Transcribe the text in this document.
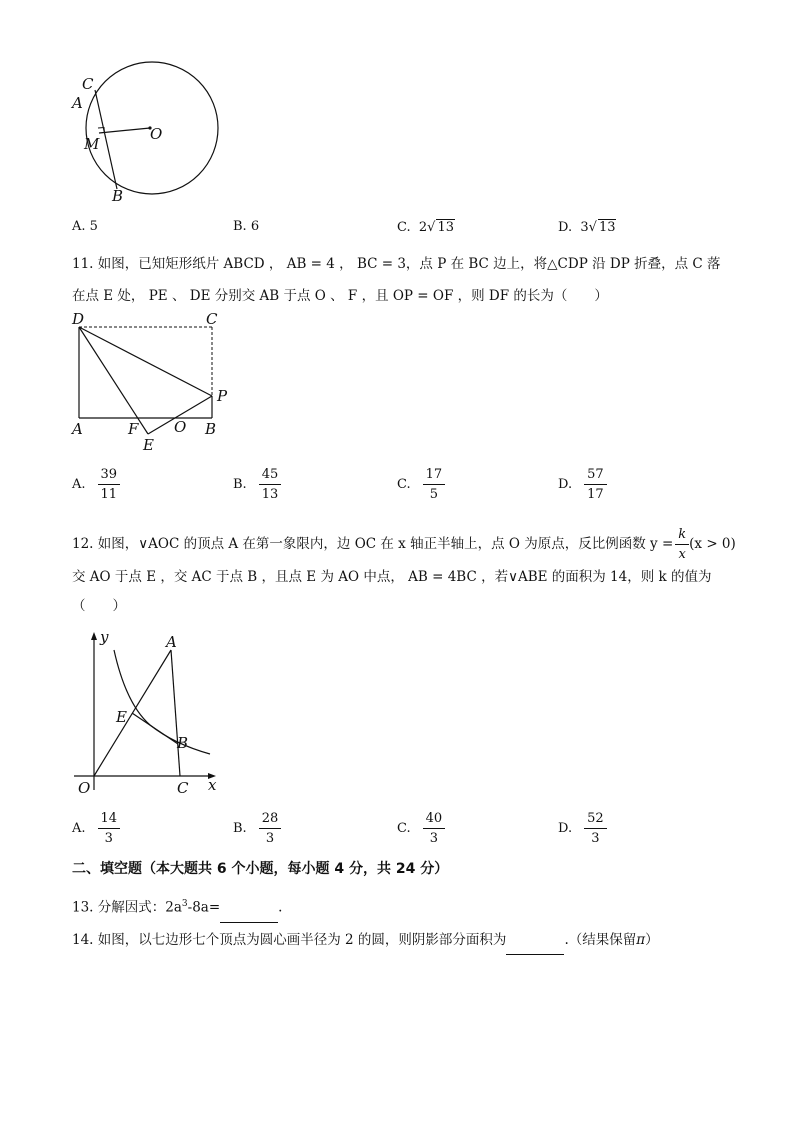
C
A
M
O
B
A. 5	B. 6	C. 2√ 13	D. 3√ 13
11. 如图，已知矩形纸片 ABCD ， AB = 4 ， BC = 3，点 P 在 BC 边上，将△CDP 沿 DP 折叠，点 C 落
在点 E 处， PE 、 DE 分别交 AB 于点 O 、 F ，且 OP = OF ，则 DF 的长为（　　）
D	C
P
A	F O B
E
A. $\frac{39}{11}$	B. $\frac{45}{13}$	C. $\frac{17}{5}$	D. $\frac{57}{17}$
12. 如图，∨AOC 的顶点 A 在第一象限内，边 OC 在 x 轴正半轴上，点 O 为原点，反比例函数 $y = \frac{k}{x} (x > 0)$
交 AO 于点 E ，交 AC 于点 B ，且点 E 为 AO 中点， AB = 4BC ，若∨ABE 的面积为 14，则 k 的值为
（　　）
y	A
E
B
O	C x
A. $\frac{14}{3}$	B. $\frac{28}{3}$	C. $\frac{40}{3}$	D. $\frac{52}{3}$
二、填空题（本大题共 6 个小题，每小题 4 分，共 24 分）
13. 分解因式：$2a^3-8a=$	.
14. 如图，以七边形七个顶点为圆心画半径为 2 的圆，则阴影部分面积为	.（结果保留π）
